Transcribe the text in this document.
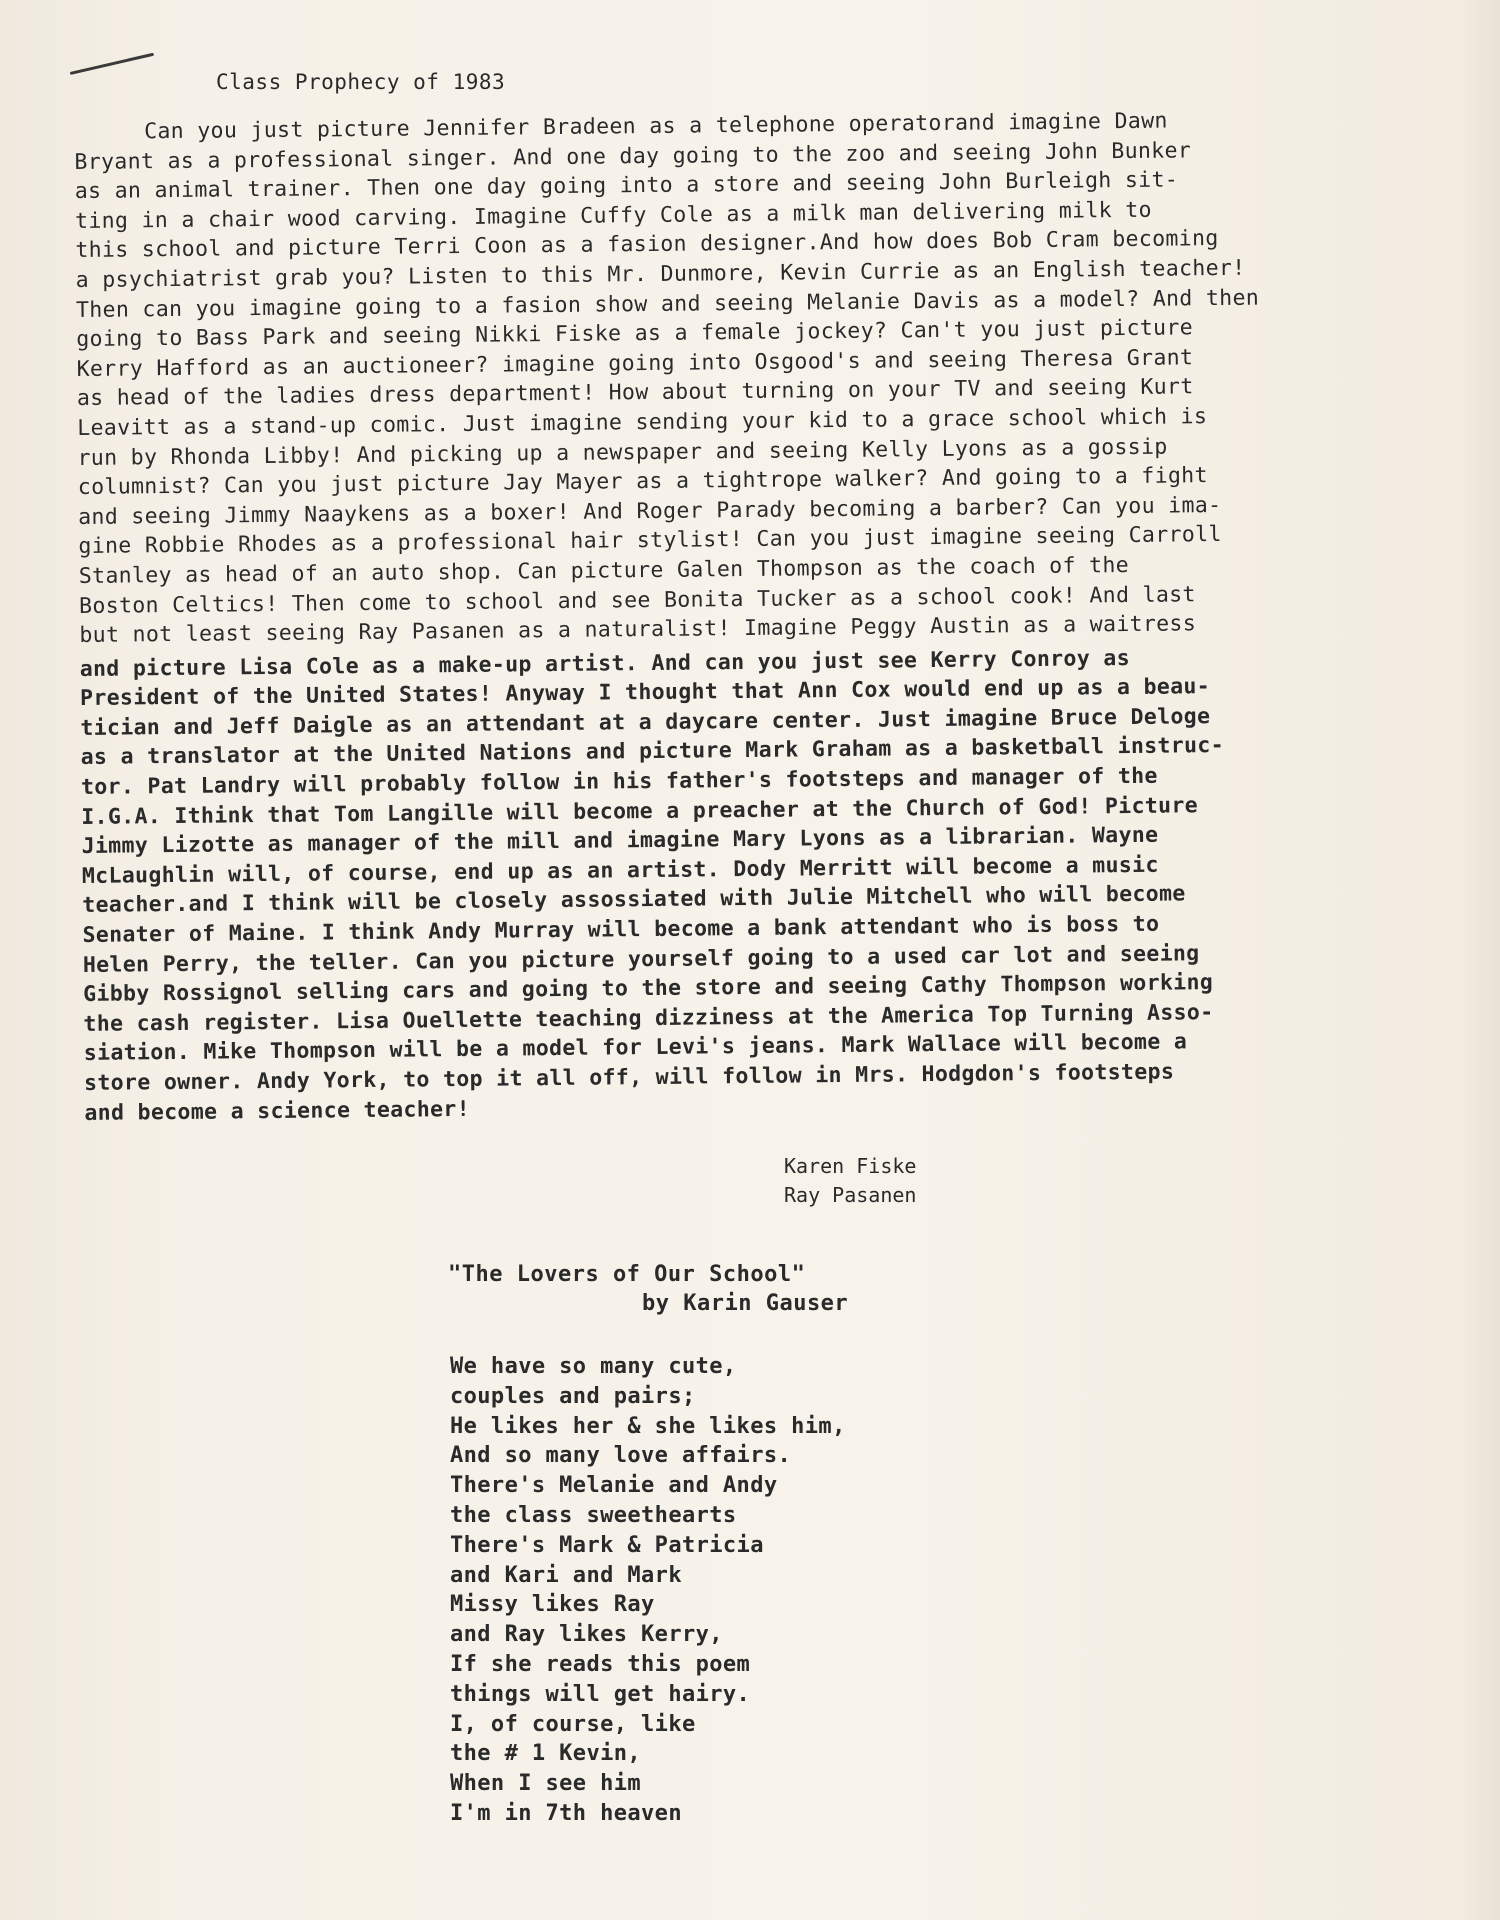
Class Prophecy of 1983
Can you just picture Jennifer Bradeen as a telephone operatorand imagine Dawn
Bryant as a professional singer. And one day going to the zoo and seeing John Bunker
as an animal trainer. Then one day going into a store and seeing John Burleigh sit-
ting in a chair wood carving. Imagine Cuffy Cole as a milk man delivering milk to
this school and picture Terri Coon as a fasion designer.And how does Bob Cram becoming
a psychiatrist grab you? Listen to this Mr. Dunmore, Kevin Currie as an English teacher!
Then can you imagine going to a fasion show and seeing Melanie Davis as a model? And then
going to Bass Park and seeing Nikki Fiske as a female jockey? Can't you just picture
Kerry Hafford as an auctioneer? imagine going into Osgood's and seeing Theresa Grant
as head of the ladies dress department! How about turning on your TV and seeing Kurt
Leavitt as a stand-up comic. Just imagine sending your kid to a grace school which is
run by Rhonda Libby! And picking up a newspaper and seeing Kelly Lyons as a gossip
columnist? Can you just picture Jay Mayer as a tightrope walker? And going to a fight
and seeing Jimmy Naaykens as a boxer! And Roger Parady becoming a barber? Can you ima-
gine Robbie Rhodes as a professional hair stylist! Can you just imagine seeing Carroll
Stanley as head of an auto shop. Can picture Galen Thompson as the coach of the
Boston Celtics! Then come to school and see Bonita Tucker as a school cook! And last
but not least seeing Ray Pasanen as a naturalist! Imagine Peggy Austin as a waitress
and picture Lisa Cole as a make-up artist. And can you just see Kerry Conroy as
President of the United States! Anyway I thought that Ann Cox would end up as a beau-
tician and Jeff Daigle as an attendant at a daycare center. Just imagine Bruce Deloge
as a translator at the United Nations and picture Mark Graham as a basketball instruc-
tor. Pat Landry will probably follow in his father's footsteps and manager of the
I.G.A. Ithink that Tom Langille will become a preacher at the Church of God! Picture
Jimmy Lizotte as manager of the mill and imagine Mary Lyons as a librarian. Wayne
McLaughlin will, of course, end up as an artist. Dody Merritt will become a music
teacher.and I think will be closely assossiated with Julie Mitchell who will become
Senater of Maine. I think Andy Murray will become a bank attendant who is boss to
Helen Perry, the teller. Can you picture yourself going to a used car lot and seeing
Gibby Rossignol selling cars and going to the store and seeing Cathy Thompson working
the cash register. Lisa Ouellette teaching dizziness at the America Top Turning Asso-
siation. Mike Thompson will be a model for Levi's jeans. Mark Wallace will become a
store owner. Andy York, to top it all off, will follow in Mrs. Hodgdon's footsteps
and become a science teacher!
Karen Fiske
Ray Pasanen
"The Lovers of Our School"
by Karin Gauser
We have so many cute,
couples and pairs;
He likes her & she likes him,
And so many love affairs.
There's Melanie and Andy
the class sweethearts
There's Mark & Patricia
and Kari and Mark
Missy likes Ray
and Ray likes Kerry,
If she reads this poem
things will get hairy.
I, of course, like
the # 1 Kevin,
When I see him
I'm in 7th heaven
